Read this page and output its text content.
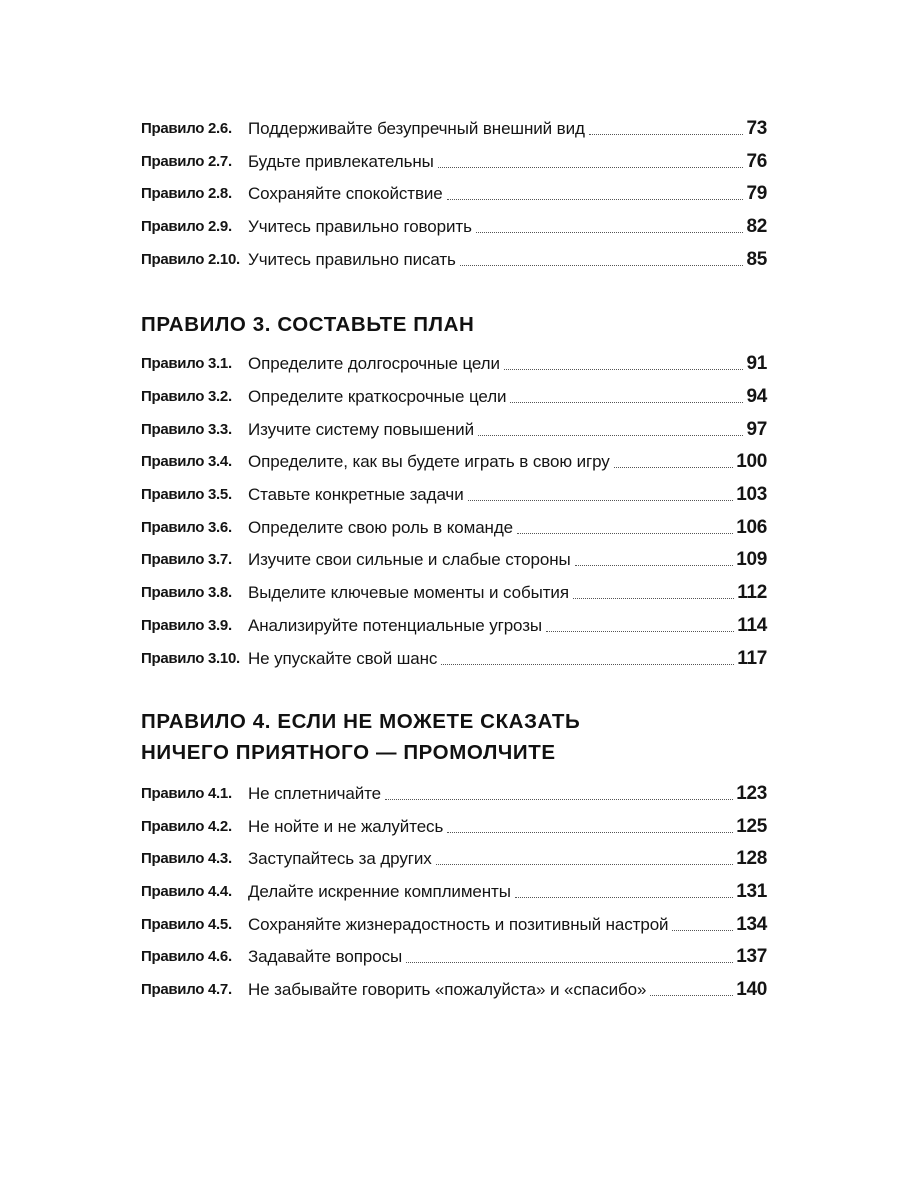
Правило 2.6. Поддерживайте безупречный внешний вид	73
Правило 2.7. Будьте привлекательны	76
Правило 2.8. Сохраняйте спокойствие	79
Правило 2.9. Учитесь правильно говорить	82
Правило 2.10. Учитесь правильно писать	85
ПРАВИЛО 3. СОСТАВЬТЕ ПЛАН
Правило 3.1. Определите долгосрочные цели	91
Правило 3.2. Определите краткосрочные цели	94
Правило 3.3. Изучите систему повышений	97
Правило 3.4. Определите, как вы будете играть в свою игру	100
Правило 3.5. Ставьте конкретные задачи	103
Правило 3.6. Определите свою роль в команде	106
Правило 3.7. Изучите свои сильные и слабые стороны	109
Правило 3.8. Выделите ключевые моменты и события	112
Правило 3.9. Анализируйте потенциальные угрозы	114
Правило 3.10. Не упускайте свой шанс	117
ПРАВИЛО 4. ЕСЛИ НЕ МОЖЕТЕ СКАЗАТЬ
НИЧЕГО ПРИЯТНОГО — ПРОМОЛЧИТЕ
Правило 4.1. Не сплетничайте	123
Правило 4.2. Не нойте и не жалуйтесь	125
Правило 4.3. Заступайтесь за других	128
Правило 4.4. Делайте искренние комплименты	131
Правило 4.5. Сохраняйте жизнерадостность и позитивный настрой	134
Правило 4.6. Задавайте вопросы	137
Правило 4.7. Не забывайте говорить «пожалуйста» и «спасибо»	140
